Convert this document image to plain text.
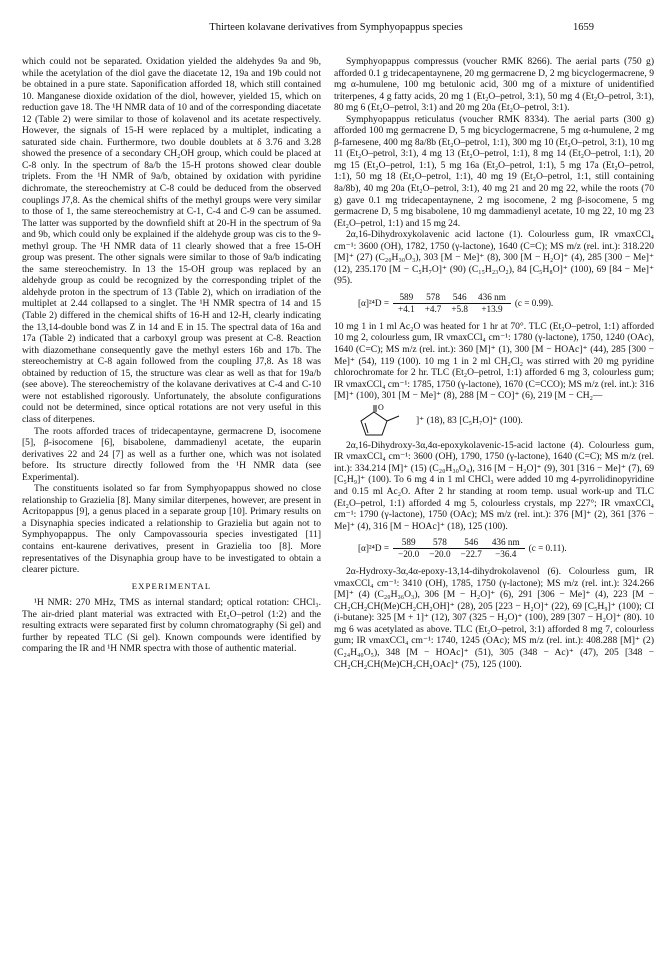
Thirteen kolavane derivatives from Symphyopappus species	1659

which could not be separated. Oxidation yielded the aldehydes 9a and 9b, while the acetylation of the diol gave the diacetate 12, 19a and 19b could not be obtained in a pure state. Saponification afforded 18, which still contained 10. Manganese dioxide oxidation of the diol, however, yielded 15, which on reduction gave 18. The ¹H NMR data of 10 and of the corresponding diacetate 12 (Table 2) were similar to those of kolavenol and its acetate respectively. However, the signals of 15-H were replaced by a multiplet, indicating a saturated side chain. Furthermore, two double doublets at δ 3.76 and 3.28 showed the presence of a secondary CH₂OH group, which could be placed at C-8 only. In the spectrum of 8a/b the 15-H protons showed clear double triplets. From the ¹H NMR of 9a/b, obtained by oxidation with pyridine dichromate, the stereochemistry at C-8 could be deduced from the observed couplings J7,8. As the chemical shifts of the methyl groups were very similar to those of 1, the same stereochemistry at C-1, C-4 and C-9 can be assumed. The latter was supported by the downfield shift at 20-H in the spectrum of 9a and 9b, which could only be explained if the aldehyde group was cis to the 9-methyl group. The ¹H NMR data of 11 clearly showed that a free 15-OH group was present. The other signals were similar to those of 9a/b indicating the same stereochemistry. In 13 the 15-OH group was replaced by an aldehyde group as could be recognized by the corresponding triplet of the aldehyde proton in the spectrum of 13 (Table 2), which on irradiation of the multiplet at 2.44 collapsed to a singlet. The ¹H NMR spectra of 14 and 15 (Table 2) differed in the chemical shifts of 16-H and 12-H, clearly indicating the 13,14-double bond was Z in 14 and E in 15. The spectral data of 16a and 17a (Table 2) indicated that a carboxyl group was present at C-8. Reaction with diazomethane consequently gave the methyl esters 16b and 17b. The stereochemistry at C-8 again followed from the coupling J7,8. As 18 was obtained by reduction of 15, the structure was clear as well as that for 19a/b (see above). The stereochemistry of the kolavane derivatives at C-4 and C-10 were not established rigorously. Unfortunately, the absolute configurations could not be determined, since optical rotations are not very useful in this class of diterpenes.

The roots afforded traces of tridecapentayne, germacrene D, isocomene [5], β-isocomene [6], bisabolene, dammadienyl acetate, the euparin derivatives 22 and 24 [7] as well as a further one, which was not isolated before. Its structure directly followed from the ¹H NMR data (see Experimental).

The constituents isolated so far from Symphyopappus showed no close relationship to Grazielia [8]. Many similar diterpenes, however, are present in Acritopappus [9], a genus placed in a separate group [10]. Primary results on a Disynaphia species indicated a relationship to Grazielia but again not to Symphyopappus. The only Campovassouria species investigated [11] contains ent-kaurene derivatives, present in Grazielia too [8]. More representatives of the Disynaphia group have to be investigated to obtain a clearer picture.

EXPERIMENTAL

¹H NMR: 270 MHz, TMS as internal standard; optical rotation: CHCl₃. The air-dried plant material was extracted with Et₂O–petrol (1:2) and the resulting extracts were separated first by column chromatography (Si gel) and further by repeated TLC (Si gel). Known compounds were identified by comparing the IR and ¹H NMR spectra with those of authentic material.

Symphyopappus compressus (voucher RMK 8266). The aerial parts (750 g) afforded 0.1 g tridecapentaynene, 20 mg germacrene D, 2 mg bicyclogermacrene, 9 mg α-humulene, 100 mg betulonic acid, 300 mg of a mixture of unidentified triterpenes, 4 g fatty acids, 20 mg 1 (Et₂O–petrol, 3:1), 50 mg 4 (Et₂O–petrol, 3:1), 80 mg 6 (Et₂O–petrol, 3:1) and 20 mg 20a (Et₂O–petrol, 3:1).

Symphyopappus reticulatus (voucher RMK 8334). The aerial parts (300 g) afforded 100 mg germacrene D, 5 mg bicyclogermacrene, 5 mg α-humulene, 2 mg β-farnesene, 400 mg 8a/8b (Et₂O–petrol, 1:1), 300 mg 10 (Et₂O–petrol, 3:1), 10 mg 11 (Et₂O–petrol, 3:1), 4 mg 13 (Et₂O–petrol, 1:1), 8 mg 14 (Et₂O–petrol, 1:1), 20 mg 15 (Et₂O–petrol, 1:1), 5 mg 16a (Et₂O–petrol, 1:1), 5 mg 17a (Et₂O–petrol, 1:1), 50 mg 18 (Et₂O–petrol, 1:1), 40 mg 19 (Et₂O–petrol, 1:1, still containing 8a/8b), 40 mg 20a (Et₂O–petrol, 3:1), 40 mg 21 and 20 mg 22, while the roots (70 g) gave 0.1 mg tridecapentaynene, 2 mg isocomene, 2 mg β-isocomene, 5 mg germacrene D, 5 mg bisabolene, 10 mg dammadienyl acetate, 10 mg 22, 10 mg 23 (Et₂O–petrol, 1:1) and 15 mg 24.

2α,16-Dihydroxykolavenic acid lactone (1). Colourless gum, IR νmaxCCl₄ cm⁻¹: 3600 (OH), 1782, 1750 (γ-lactone), 1640 (C=C); MS m/z (rel. int.): 318.220 [M]⁺ (27) (C₂₀H₃₀O₃), 303 [M − Me]⁺ (8), 300 [M − H₂O]⁺ (4), 285 [300 − Me]⁺ (12), 235.170 [M − C₅H₇O]⁺ (90) (C₁₅H₂₃O₂), 84 [C₅H₈O]⁺ (100), 69 [84 − Me]⁺ (95).

[α]²⁴D =
589	578	546	436 nm
+4.1	+4.7	+5.8	+13.9
(c = 0.99).

10 mg 1 in 1 ml Ac₂O was heated for 1 hr at 70°. TLC (Et₂O–petrol, 1:1) afforded 10 mg 2, colourless gum, IR νmaxCCl₄ cm⁻¹: 1780 (γ-lactone), 1750, 1240 (OAc), 1640 (C=C); MS m/z (rel. int.): 360 [M]⁺ (1), 300 [M − HOAc]⁺ (44), 285 [300 − Me]⁺ (54), 119 (100). 10 mg 1 in 2 ml CH₂Cl₂ was stirred with 20 mg pyridine chlorochromate for 2 hr. TLC (Et₂O–petrol, 1:1) afforded 6 mg 3, colourless gum; IR νmaxCCl₄ cm⁻¹: 1785, 1750 (γ-lactone), 1670 (C=CCO); MS m/z (rel. int.): 316 [M]⁺ (100), 301 [M − Me]⁺ (8), 288 [M − CO]⁺ (6), 219 [M − CH₂—

O
]⁺ (18), 83 [C₅H₇O]⁺ (100).

2α,16-Dihydroxy-3α,4α-epoxykolavenic-15-acid lactone (4). Colourless gum, IR νmaxCCl₄ cm⁻¹: 3600 (OH), 1790, 1750 (γ-lactone), 1640 (C=C); MS m/z (rel. int.): 334.214 [M]⁺ (15) (C₂₀H₃₀O₄), 316 [M − H₂O]⁺ (9), 301 [316 − Me]⁺ (7), 69 [C₅H₉]⁺ (100). To 6 mg 4 in 1 ml CHCl₃ were added 10 mg 4-pyrrolidinopyridine and 0.15 ml Ac₂O. After 2 hr standing at room temp. usual work-up and TLC (Et₂O–petrol, 1:1) afforded 4 mg 5, colourless crystals, mp 227°; IR νmaxCCl₄ cm⁻¹: 1790 (γ-lactone), 1750 (OAc); MS m/z (rel. int.): 376 [M]⁺ (2), 361 [376 − Me]⁺ (4), 316 [M − HOAc]⁺ (18), 125 (100).

[α]²⁴D =
589	578	546	436 nm
−20.0	−20.0	−22.7	−36.4
(c = 0.11).

2α-Hydroxy-3α,4α-epoxy-13,14-dihydrokolavenol (6). Colourless gum, IR νmaxCCl₄ cm⁻¹: 3410 (OH), 1785, 1750 (γ-lactone); MS m/z (rel. int.): 324.266 [M]⁺ (4) (C₂₀H₃₆O₃), 306 [M − H₂O]⁺ (6), 291 [306 − Me]⁺ (4), 223 [M − CH₂CH₂CH(Me)CH₂CH₂OH]⁺ (28), 205 [223 − H₂O]⁺ (22), 69 [C₅H₉]⁺ (100); CI (i-butane): 325 [M + 1]⁺ (12), 307 (325 − H₂O)⁺ (100), 289 [307 − H₂O]⁺ (80). 10 mg 6 was acetylated as above. TLC (Et₂O–petrol, 3:1) afforded 8 mg 7, colourless gum; IR νmaxCCl₄ cm⁻¹: 1740, 1245 (OAc); MS m/z (rel. int.): 408.288 [M]⁺ (2) (C₂₄H₄₀O₅), 348 [M − HOAc]⁺ (51), 305 (348 − Ac)⁺ (47), 205 [348 − CH₂CH₂CH(Me)CH₂CH₂OAc]⁺ (75), 125 (100).
